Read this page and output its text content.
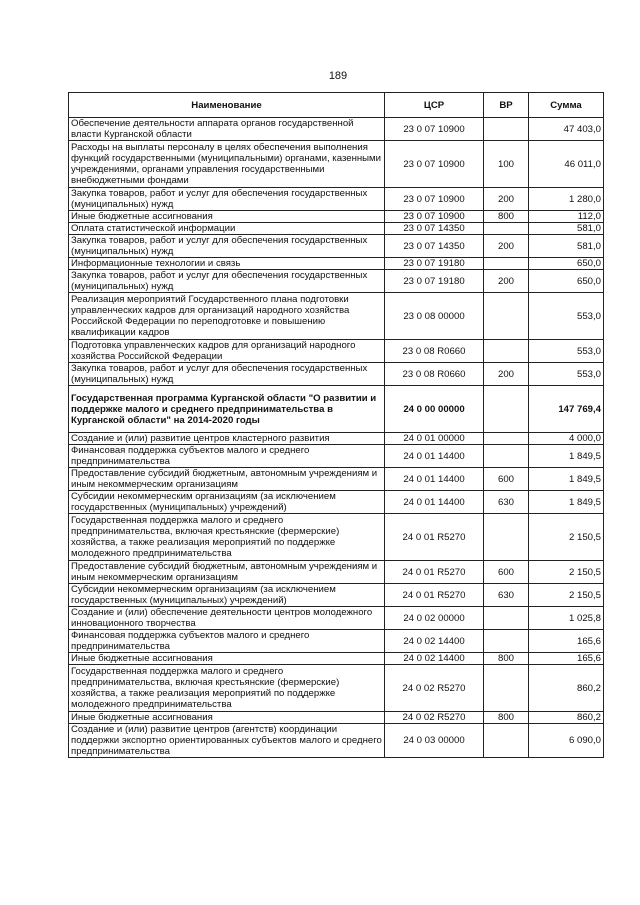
189
Наименование	ЦСР	ВР	Сумма
Обеспечение деятельности аппарата органов государственной власти Курганской области	23 0 07 10900		47 403,0
Расходы на выплаты персоналу в целях обеспечения выполнения функций государственными (муниципальными) органами, казенными учреждениями, органами управления государственными внебюджетными фондами	23 0 07 10900	100	46 011,0
Закупка товаров, работ и услуг для обеспечения государственных (муниципальных) нужд	23 0 07 10900	200	1 280,0
Иные бюджетные ассигнования	23 0 07 10900	800	112,0
Оплата статистической информации	23 0 07 14350		581,0
Закупка товаров, работ и услуг для обеспечения государственных (муниципальных) нужд	23 0 07 14350	200	581,0
Информационные технологии и связь	23 0 07 19180		650,0
Закупка товаров, работ и услуг для обеспечения государственных (муниципальных) нужд	23 0 07 19180	200	650,0
Реализация мероприятий Государственного плана подготовки управленческих кадров для организаций народного хозяйства Российской Федерации по переподготовке и повышению квалификации кадров	23 0 08 00000		553,0
Подготовка управленческих кадров для организаций народного хозяйства Российской Федерации	23 0 08 R0660		553,0
Закупка товаров, работ и услуг для обеспечения государственных (муниципальных) нужд	23 0 08 R0660	200	553,0
Государственная программа Курганской области "О развитии и поддержке малого и среднего предпринимательства в Курганской области" на 2014-2020 годы	24 0 00 00000		147 769,4
Создание и (или) развитие центров кластерного развития	24 0 01 00000		4 000,0
Финансовая поддержка субъектов малого и среднего предпринимательства	24 0 01 14400		1 849,5
Предоставление субсидий бюджетным, автономным учреждениям и иным некоммерческим организациям	24 0 01 14400	600	1 849,5
Субсидии некоммерческим организациям (за исключением государственных (муниципальных) учреждений)	24 0 01 14400	630	1 849,5
Государственная поддержка малого и среднего предпринимательства, включая крестьянские (фермерские) хозяйства, а также реализация мероприятий по поддержке молодежного предпринимательства	24 0 01 R5270		2 150,5
Предоставление субсидий бюджетным, автономным учреждениям и иным некоммерческим организациям	24 0 01 R5270	600	2 150,5
Субсидии некоммерческим организациям (за исключением государственных (муниципальных) учреждений)	24 0 01 R5270	630	2 150,5
Создание и (или) обеспечение деятельности центров молодежного инновационного творчества	24 0 02 00000		1 025,8
Финансовая поддержка субъектов малого и среднего предпринимательства	24 0 02 14400		165,6
Иные бюджетные ассигнования	24 0 02 14400	800	165,6
Государственная поддержка малого и среднего предпринимательства, включая крестьянские (фермерские) хозяйства, а также реализация мероприятий по поддержке молодежного предпринимательства	24 0 02 R5270		860,2
Иные бюджетные ассигнования	24 0 02 R5270	800	860,2
Создание и (или) развитие центров (агентств) координации поддержки экспортно ориентированных субъектов малого и среднего предпринимательства	24 0 03 00000		6 090,0
